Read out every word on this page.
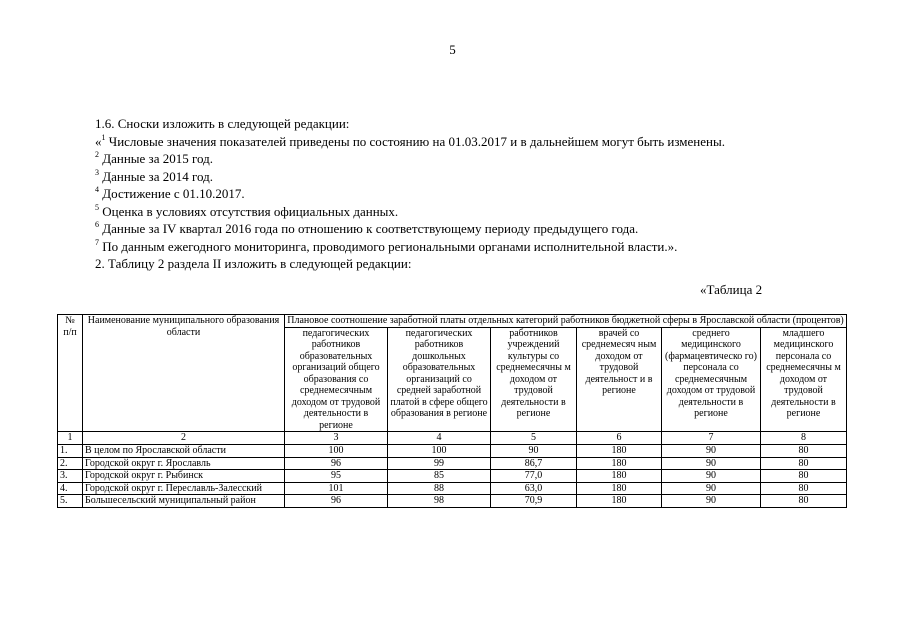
5
1.6. Сноски изложить в следующей редакции:
«$^1$ Числовые значения показателей приведены по состоянию на 01.03.2017 и в дальнейшем могут быть изменены.
$^2$ Данные за 2015 год.
$^3$ Данные за 2014 год.
$^4$ Достижение с 01.10.2017.
$^5$ Оценка в условиях отсутствия официальных данных.
$^6$ Данные за IV квартал 2016 года по отношению к соответствующему периоду предыдущего года.
$^7$ По данным ежегодного мониторинга, проводимого региональными органами исполнительной власти.».
2. Таблицу 2 раздела II изложить в следующей редакции:
«Таблица 2
№ п/п	Наименование муниципального образования области	Плановое соотношение заработной платы отдельных категорий работников бюджетной сферы в Ярославской области (процентов)					
		педагогических работников образовательных организаций общего образования со среднемесячным доходом от трудовой деятельности в регионе	педагогических работников дошкольных образовательных организаций со средней заработной платой в сфере общего образования в регионе	работников учреждений культуры со среднемесячны м доходом от трудовой деятельности в регионе	врачей со среднемесяч ным доходом от трудовой деятельност и в регионе	среднего медицинского (фармацевтическо го) персонала со среднемесячным доходом от трудовой деятельности в регионе	младшего медицинского персонала со среднемесячны м доходом от трудовой деятельности в регионе
1	2	3	4	5	6	7	8
1.	В целом по Ярославской области	100	100	90	180	90	80
2.	Городской округ г. Ярославль	96	99	86,7	180	90	80
3.	Городской округ г. Рыбинск	95	85	77,0	180	90	80
4.	Городской округ г. Переславль-Залесский	101	88	63,0	180	90	80
5.	Большесельский муниципальный район	96	98	70,9	180	90	80
